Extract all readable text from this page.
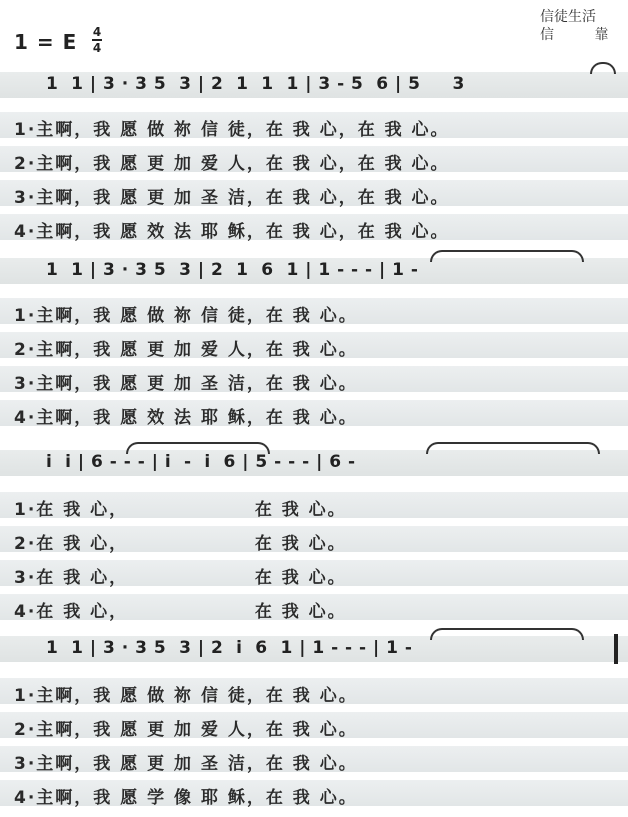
1 = E 4
4
信徒生活
信 靠
1  1 | 3 · 3 5  3 | 2  1  1  1 | 3 - 5  6 | 5     3
1·主啊，我 愿 做 祢 信 徒，在 我 心，在 我 心。
2·主啊，我 愿 更 加 爱 人，在 我 心，在 我 心。
3·主啊，我 愿 更 加 圣 洁，在 我 心，在 我 心。
4·主啊，我 愿 效 法 耶 稣，在 我 心，在 我 心。
1  1 | 3 · 3 5  3 | 2  1  6  1 | 1 - - - | 1 -
1·主啊，我 愿 做 祢 信 徒，在 我 心。
2·主啊，我 愿 更 加 爱 人，在 我 心。
3·主啊，我 愿 更 加 圣 洁，在 我 心。
4·主啊，我 愿 效 法 耶 稣，在 我 心。
i  i | 6 - - - | i  -  i  6 | 5 - - - | 6 -
1·在 我 心，                在 我 心。
2·在 我 心，                在 我 心。
3·在 我 心，                在 我 心。
4·在 我 心，                在 我 心。
1  1 | 3 · 3 5  3 | 2  i  6  1 | 1 - - - | 1 -
1·主啊，我 愿 做 祢 信 徒，在 我 心。
2·主啊，我 愿 更 加 爱 人，在 我 心。
3·主啊，我 愿 更 加 圣 洁，在 我 心。
4·主啊，我 愿 学 像 耶 稣，在 我 心。
